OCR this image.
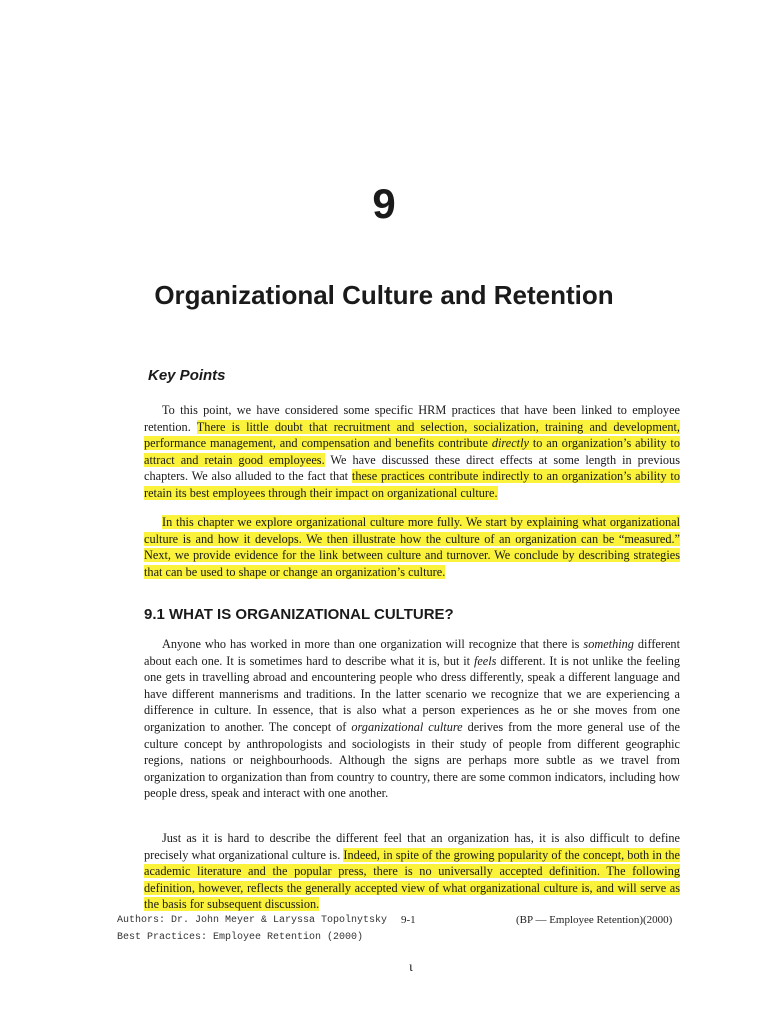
9
Organizational Culture and Retention
Key Points

To this point, we have considered some specific HRM practices that have been linked to employee retention. There is little doubt that recruitment and selection, socialization, training and development, performance management, and compensation and benefits contribute directly to an organization’s ability to attract and retain good employees. We have discussed these direct effects at some length in previous chapters. We also alluded to the fact that these practices contribute indirectly to an organization’s ability to retain its best employees through their impact on organizational culture.

In this chapter we explore organizational culture more fully. We start by explaining what organizational culture is and how it develops. We then illustrate how the culture of an organization can be “measured.” Next, we provide evidence for the link between culture and turnover. We conclude by describing strategies that can be used to shape or change an organization’s culture.

9.1 WHAT IS ORGANIZATIONAL CULTURE?

Anyone who has worked in more than one organization will recognize that there is something different about each one. It is sometimes hard to describe what it is, but it feels different. It is not unlike the feeling one gets in travelling abroad and encountering people who dress differently, speak a different language and have different mannerisms and traditions. In the latter scenario we recognize that we are experiencing a difference in culture. In essence, that is also what a person experiences as he or she moves from one organization to another. The concept of organizational culture derives from the more general use of the culture concept by anthropologists and sociologists in their study of people from different geographic regions, nations or neighbourhoods. Although the signs are perhaps more subtle as we travel from organization to organization than from country to country, there are some common indicators, including how people dress, speak and interact with one another.

Just as it is hard to describe the different feel that an organization has, it is also difficult to define precisely what organizational culture is. Indeed, in spite of the growing popularity of the concept, both in the academic literature and the popular press, there is no universally accepted definition. The following definition, however, reflects the generally accepted view of what organizational culture is, and will serve as the basis for subsequent discussion.

Authors: Dr. John Meyer & Laryssa Topolnytsky
Best Practices: Employee Retention (2000)
9-1	(BP — Employee Retention)(2000)
ι
